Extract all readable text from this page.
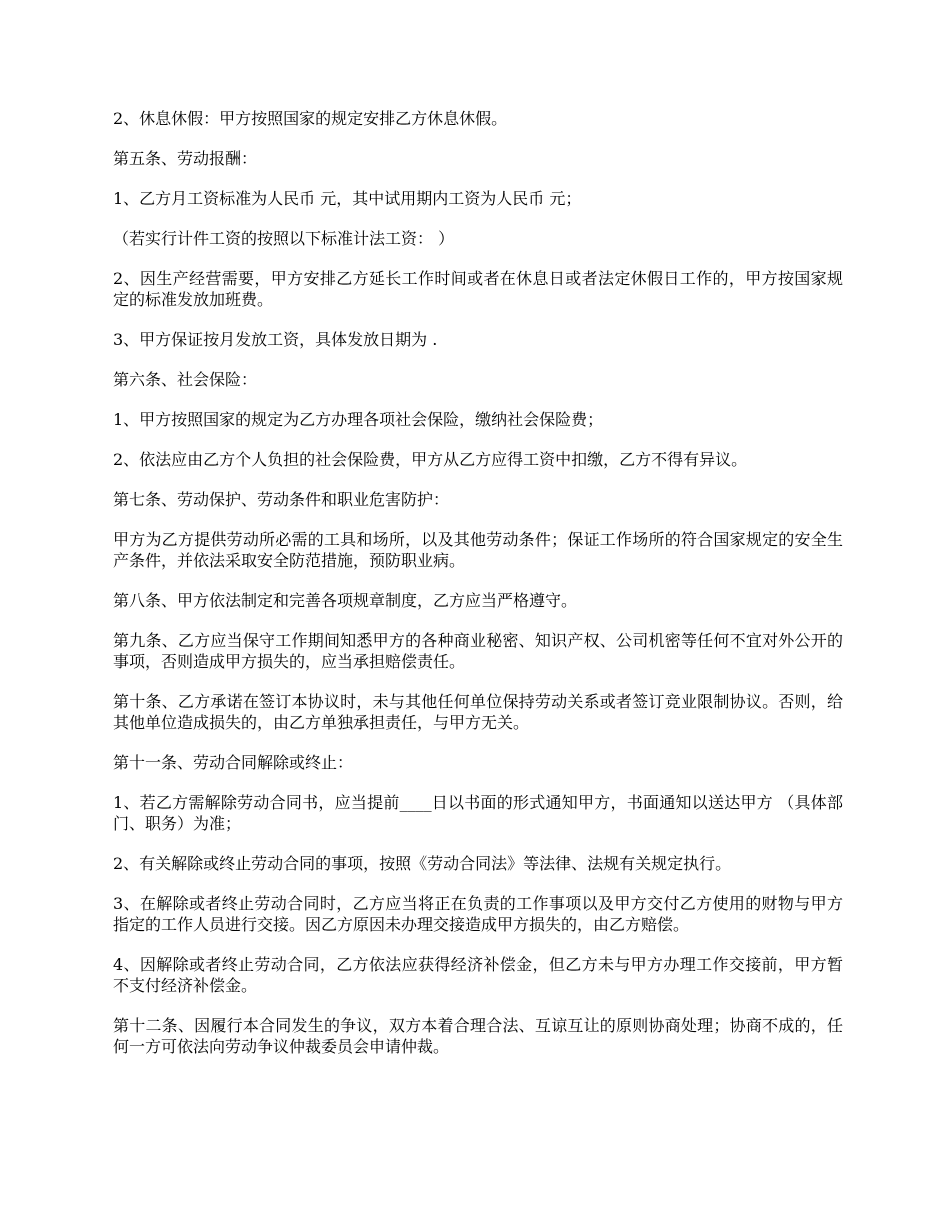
2、休息休假：甲方按照国家的规定安排乙方休息休假。

第五条、劳动报酬：

1、乙方月工资标准为人民币 元，其中试用期内工资为人民币 元；

（若实行计件工资的按照以下标准计法工资： ）

2、因生产经营需要，甲方安排乙方延长工作时间或者在休息日或者法定休假日工作的，甲方按国家规定的标准发放加班费。

3、甲方保证按月发放工资，具体发放日期为 .

第六条、社会保险：

1、甲方按照国家的规定为乙方办理各项社会保险，缴纳社会保险费；

2、依法应由乙方个人负担的社会保险费，甲方从乙方应得工资中扣缴，乙方不得有异议。

第七条、劳动保护、劳动条件和职业危害防护：

甲方为乙方提供劳动所必需的工具和场所，以及其他劳动条件；保证工作场所的符合国家规定的安全生产条件，并依法采取安全防范措施，预防职业病。

第八条、甲方依法制定和完善各项规章制度，乙方应当严格遵守。

第九条、乙方应当保守工作期间知悉甲方的各种商业秘密、知识产权、公司机密等任何不宜对外公开的事项，否则造成甲方损失的，应当承担赔偿责任。

第十条、乙方承诺在签订本协议时，未与其他任何单位保持劳动关系或者签订竞业限制协议。否则，给其他单位造成损失的，由乙方单独承担责任，与甲方无关。

第十一条、劳动合同解除或终止：

1、若乙方需解除劳动合同书，应当提前____日以书面的形式通知甲方，书面通知以送达甲方 （具体部门、职务）为准；

2、有关解除或终止劳动合同的事项，按照《劳动合同法》等法律、法规有关规定执行。

3、在解除或者终止劳动合同时，乙方应当将正在负责的工作事项以及甲方交付乙方使用的财物与甲方指定的工作人员进行交接。因乙方原因未办理交接造成甲方损失的，由乙方赔偿。

4、因解除或者终止劳动合同，乙方依法应获得经济补偿金，但乙方未与甲方办理工作交接前，甲方暂不支付经济补偿金。

第十二条、因履行本合同发生的争议，双方本着合理合法、互谅互让的原则协商处理；协商不成的，任何一方可依法向劳动争议仲裁委员会申请仲裁。
